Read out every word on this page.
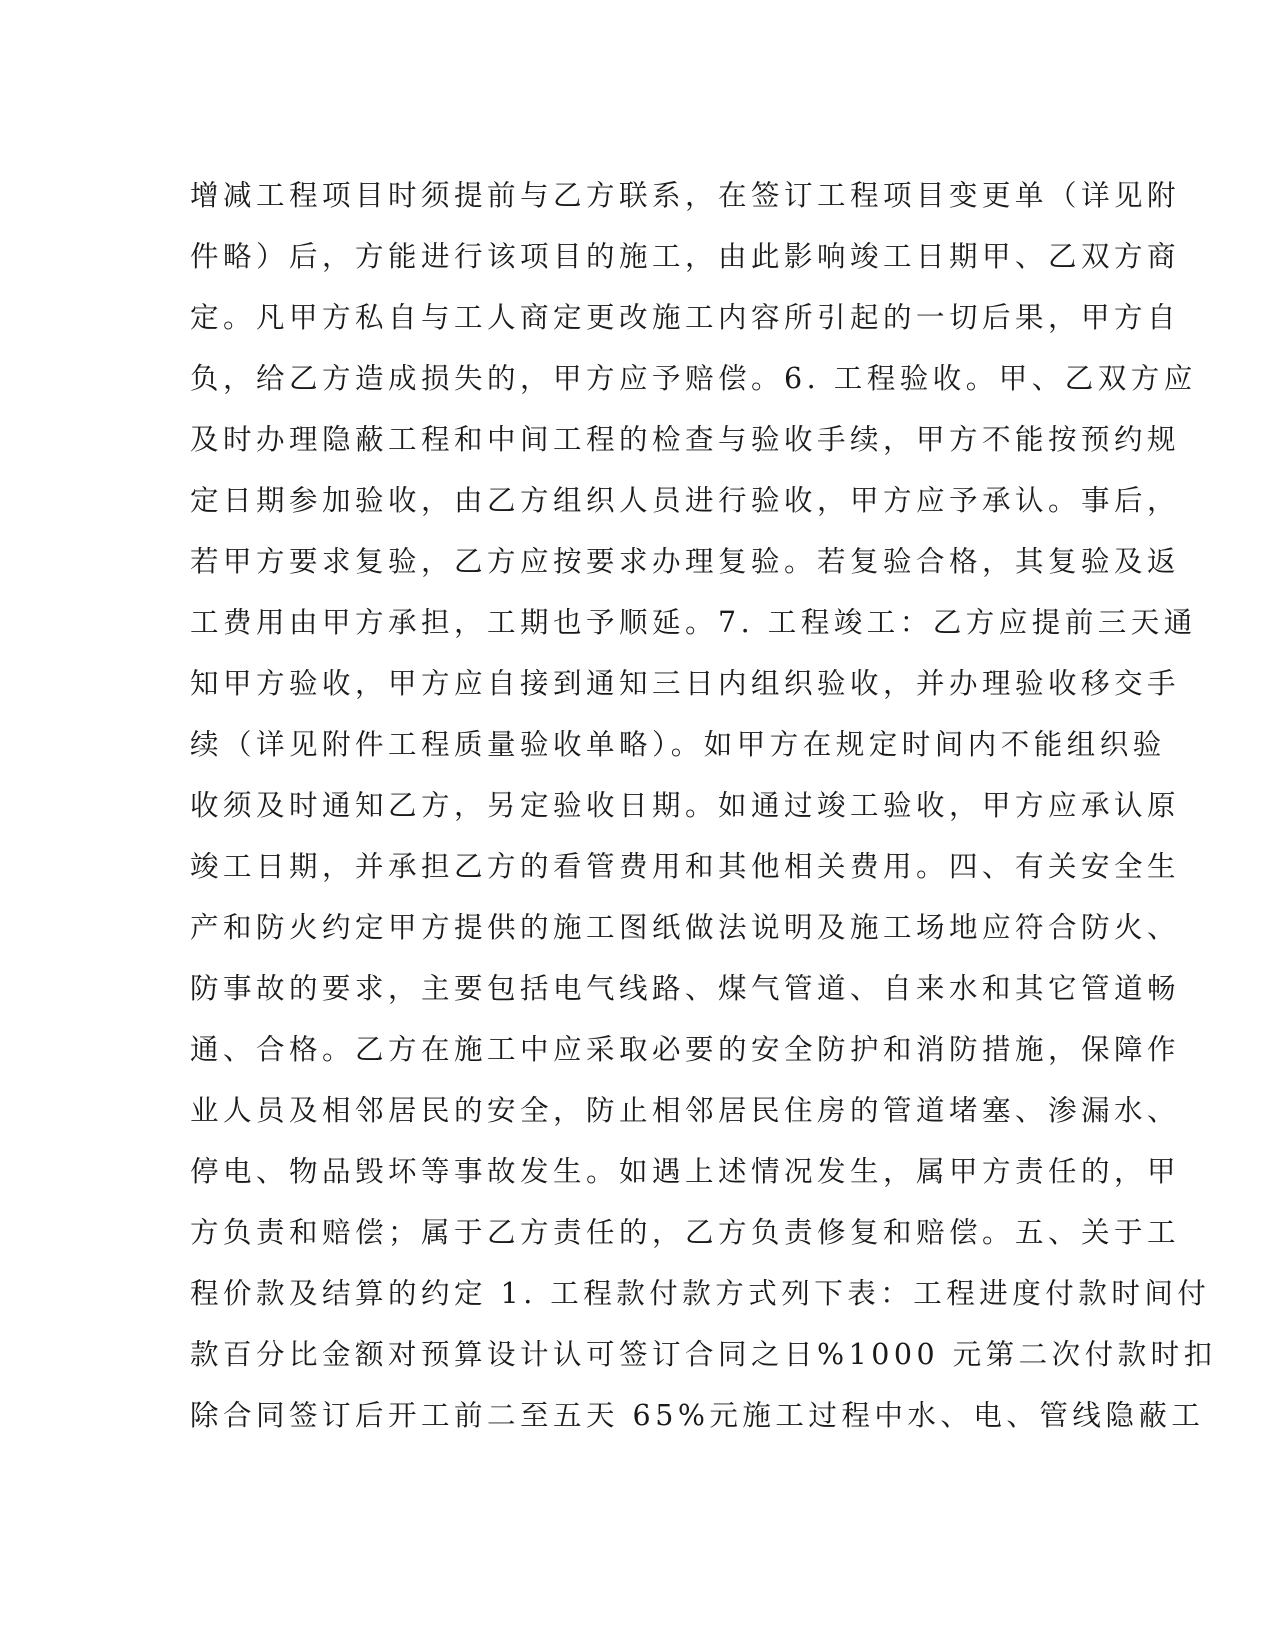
增减工程项目时须提前与乙方联系，在签订工程项目变更单（详见附
件略）后，方能进行该项目的施工，由此影响竣工日期甲、乙双方商
定。凡甲方私自与工人商定更改施工内容所引起的一切后果，甲方自
负，给乙方造成损失的，甲方应予赔偿。6. 工程验收。甲、乙双方应
及时办理隐蔽工程和中间工程的检查与验收手续，甲方不能按预约规
定日期参加验收，由乙方组织人员进行验收，甲方应予承认。事后，
若甲方要求复验，乙方应按要求办理复验。若复验合格，其复验及返
工费用由甲方承担，工期也予顺延。7. 工程竣工：乙方应提前三天通
知甲方验收，甲方应自接到通知三日内组织验收，并办理验收移交手
续（详见附件工程质量验收单略）。如甲方在规定时间内不能组织验
收须及时通知乙方，另定验收日期。如通过竣工验收，甲方应承认原
竣工日期，并承担乙方的看管费用和其他相关费用。四、有关安全生
产和防火约定甲方提供的施工图纸做法说明及施工场地应符合防火、
防事故的要求，主要包括电气线路、煤气管道、自来水和其它管道畅
通、合格。乙方在施工中应采取必要的安全防护和消防措施，保障作
业人员及相邻居民的安全，防止相邻居民住房的管道堵塞、渗漏水、
停电、物品毁坏等事故发生。如遇上述情况发生，属甲方责任的，甲
方负责和赔偿；属于乙方责任的，乙方负责修复和赔偿。五、关于工
程价款及结算的约定 1. 工程款付款方式列下表：工程进度付款时间付
款百分比金额对预算设计认可签订合同之日%1000 元第二次付款时扣
除合同签订后开工前二至五天 65%元施工过程中水、电、管线隐蔽工
